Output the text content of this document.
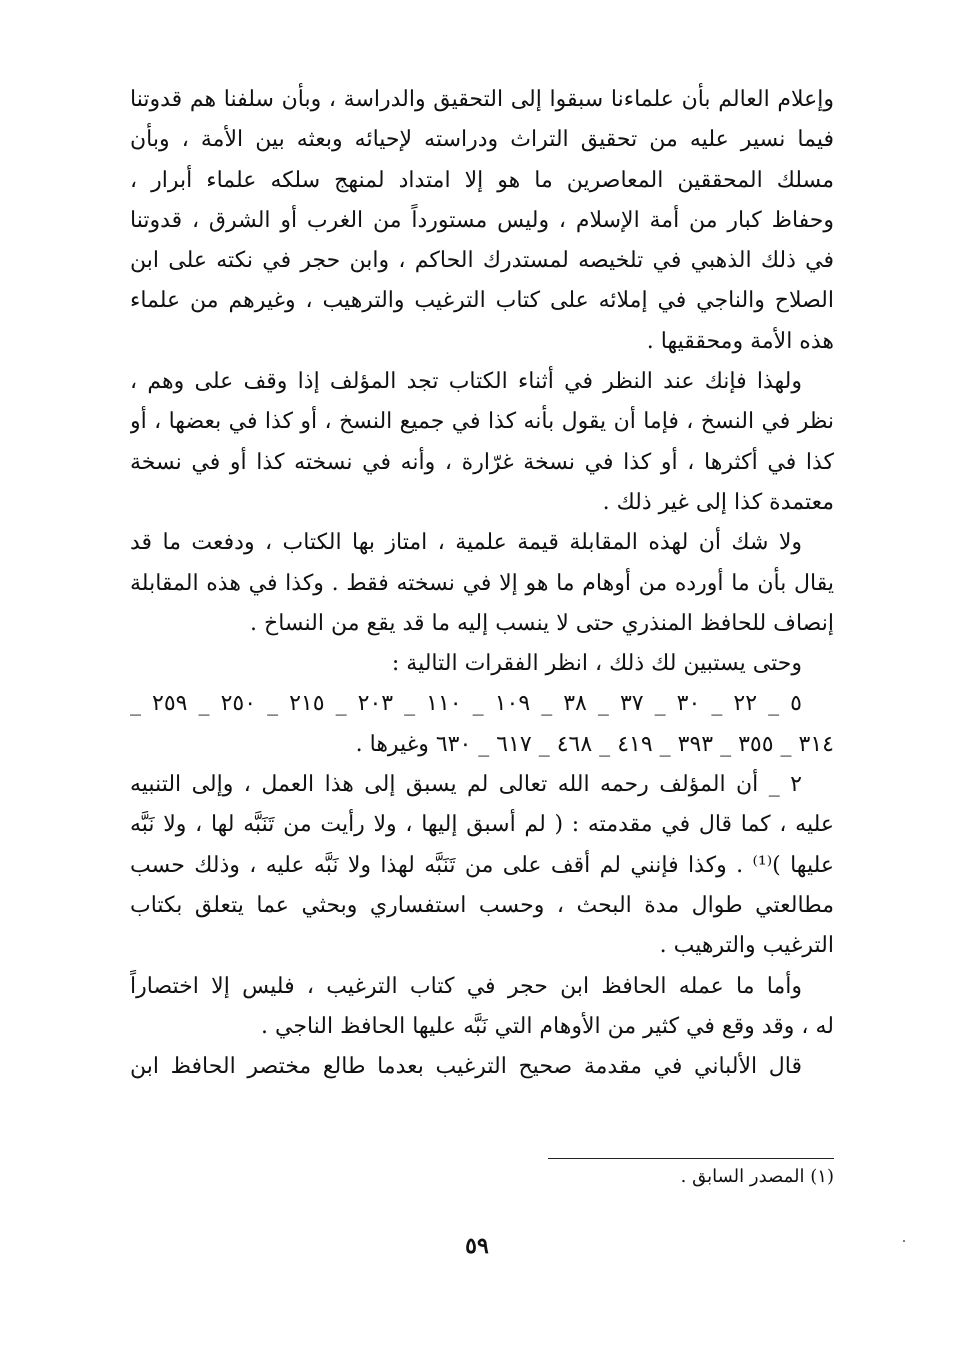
وإعلام العالم بأن علماءنا سبقوا إلى التحقيق والدراسة ، وبأن سلفنا هم قدوتنا
فيما نسير عليه من تحقيق التراث ودراسته لإحيائه وبعثه بين الأمة ، وبأن
مسلك المحققين المعاصرين ما هو إلا امتداد لمنهج سلكه علماء أبرار ،
وحفاظ كبار من أمة الإسلام ، وليس مستورداً من الغرب أو الشرق ، قدوتنا
في ذلك الذهبي في تلخيصه لمستدرك الحاكم ، وابن حجر في نكته على ابن
الصلاح والناجي في إملائه على كتاب الترغيب والترهيب ، وغيرهم من علماء
هذه الأمة ومحققيها .
ولهذا فإنك عند النظر في أثناء الكتاب تجد المؤلف إذا وقف على وهم ،
نظر في النسخ ، فإما أن يقول بأنه كذا في جميع النسخ ، أو كذا في بعضها ، أو
كذا في أكثرها ، أو كذا في نسخة غرّارة ، وأنه في نسخته كذا أو في نسخة
معتمدة كذا إلى غير ذلك .
ولا شك أن لهذه المقابلة قيمة علمية ، امتاز بها الكتاب ، ودفعت ما قد
يقال بأن ما أورده من أوهام ما هو إلا في نسخته فقط . وكذا في هذه المقابلة
إنصاف للحافظ المنذري حتى لا ينسب إليه ما قد يقع من النساخ .
وحتى يستبين لك ذلك ، انظر الفقرات التالية :
٥ _ ٢٢ _ ٣٠ _ ٣٧ _ ٣٨ _ ١٠٩ _ ١١٠ _ ٢٠٣ _ ٢١٥ _ ٢٥٠ _ ٢٥٩ _
٣١٤ _ ٣٥٥ _ ٣٩٣ _ ٤١٩ _ ٤٦٨ _ ٦١٧ _ ٦٣٠ وغيرها .
٢ _ أن المؤلف رحمه الله تعالى لم يسبق إلى هذا العمل ، وإلى التنبيه
عليه ، كما قال في مقدمته : ( لم أسبق إليها ، ولا رأيت من تَنَبَّه لها ، ولا نَبَّه
عليها )⁽¹⁾ . وكذا فإنني لم أقف على من تَنَبَّه لهذا ولا نَبَّه عليه ، وذلك حسب
مطالعتي طوال مدة البحث ، وحسب استفساري وبحثي عما يتعلق بكتاب
الترغيب والترهيب .
وأما ما عمله الحافظ ابن حجر في كتاب الترغيب ، فليس إلا اختصاراً
له ، وقد وقع في كثير من الأوهام التي نَبَّه عليها الحافظ الناجي .
قال الألباني في مقدمة صحيح الترغيب بعدما طالع مختصر الحافظ ابن
(١) المصدر السابق .
٥٩
